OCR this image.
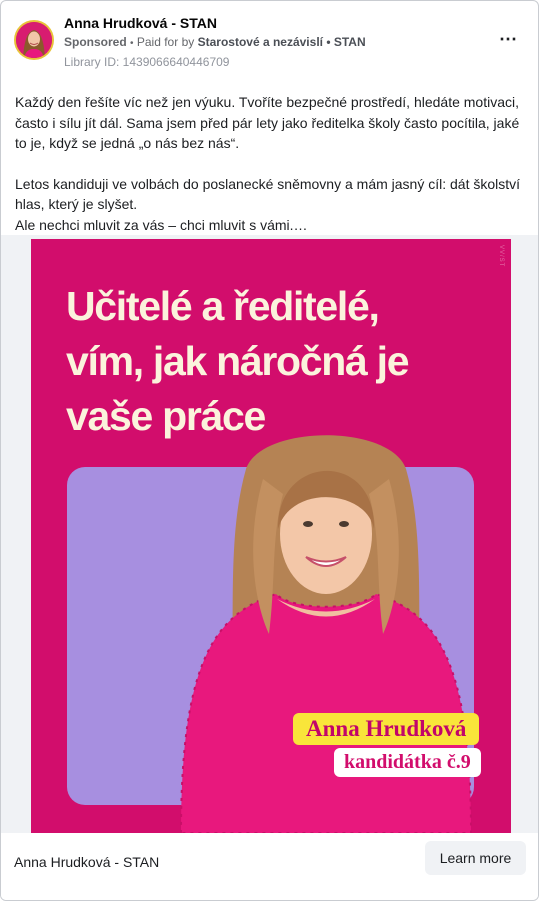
Anna Hrudková - STAN
Sponsored • Paid for by Starostové a nezávislí • STAN
Library ID: 1439066640446709
⋯

Každý den řešíte víc než jen výuku. Tvoříte bezpečné prostředí, hledáte motivaci, často i sílu jít dál. Sama jsem před pár lety jako ředitelka školy často pocítila, jaké to je, když se jedná „o nás bez nás“.

Letos kandiduji ve volbách do poslanecké sněmovny a mám jasný cíl: dát školství hlas, který je slyšet.

Ale nechci mluvit za vás – chci mluvit s vámi.…

Učitelé a ředitelé,
vím, jak náročná je
vaše práce
Anna Hrudková
kandidátka č.9
VV/ST
Anna Hrudková - STAN	Learn more
